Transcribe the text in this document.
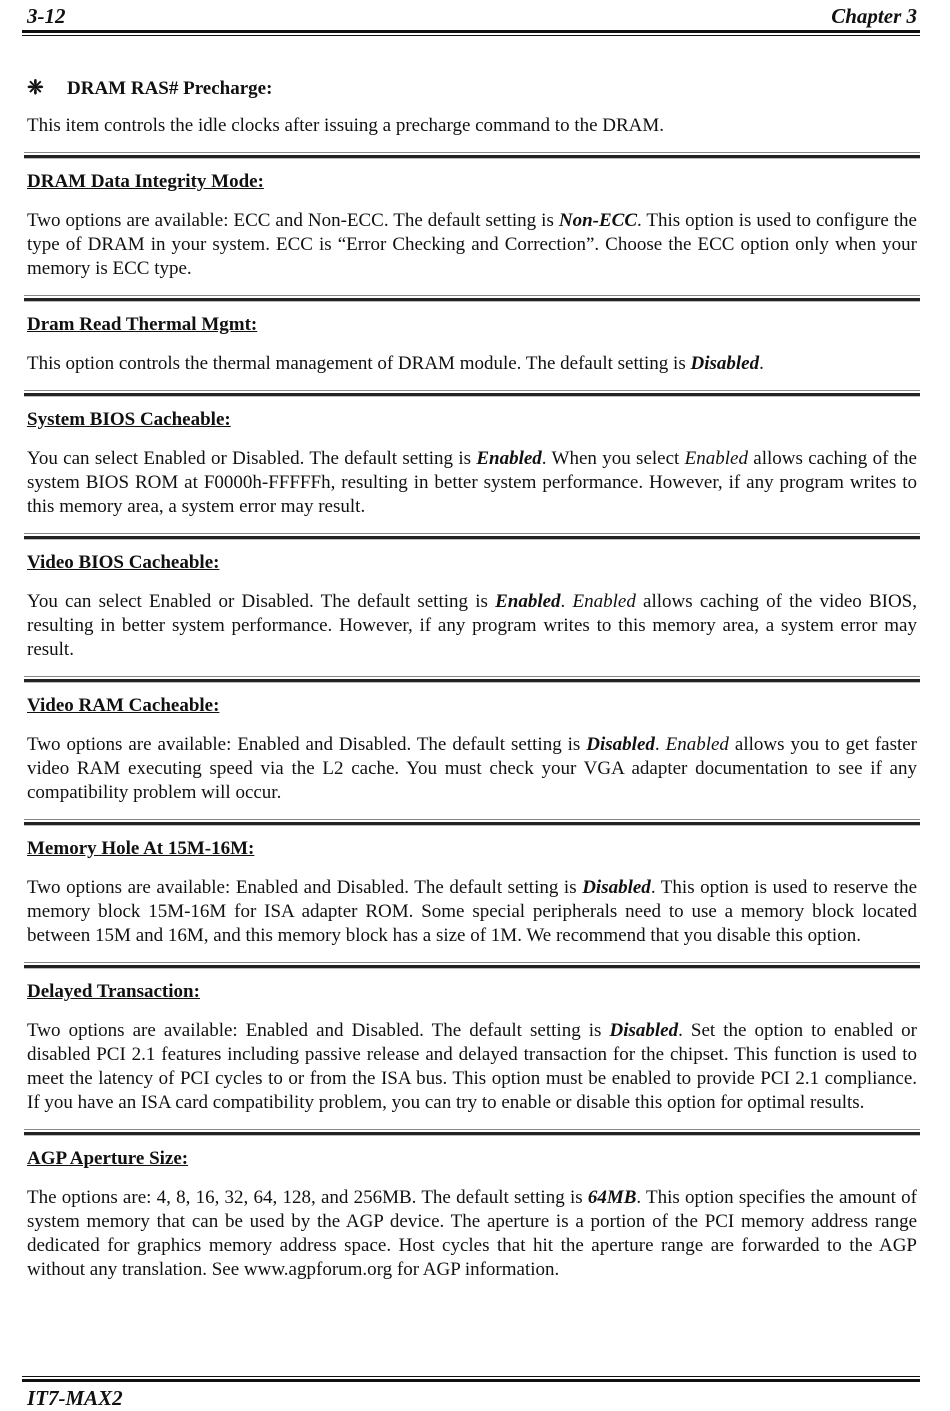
3-12	Chapter 3
❈ DRAM RAS# Precharge:

This item controls the idle clocks after issuing a precharge command to the DRAM.

DRAM Data Integrity Mode:

Two options are available: ECC and Non-ECC. The default setting is Non-ECC. This option is used to configure the type of DRAM in your system. ECC is “Error Checking and Correction”. Choose the ECC option only when your memory is ECC type.

Dram Read Thermal Mgmt:

This option controls the thermal management of DRAM module. The default setting is Disabled.

System BIOS Cacheable:

You can select Enabled or Disabled. The default setting is Enabled. When you select Enabled allows caching of the system BIOS ROM at F0000h-FFFFFh, resulting in better system performance. However, if any program writes to this memory area, a system error may result.

Video BIOS Cacheable:

You can select Enabled or Disabled. The default setting is Enabled. Enabled allows caching of the video BIOS, resulting in better system performance. However, if any program writes to this memory area, a system error may result.

Video RAM Cacheable:

Two options are available: Enabled and Disabled. The default setting is Disabled. Enabled allows you to get faster video RAM executing speed via the L2 cache. You must check your VGA adapter documentation to see if any compatibility problem will occur.

Memory Hole At 15M-16M:

Two options are available: Enabled and Disabled. The default setting is Disabled. This option is used to reserve the memory block 15M-16M for ISA adapter ROM. Some special peripherals need to use a memory block located between 15M and 16M, and this memory block has a size of 1M. We recommend that you disable this option.

Delayed Transaction:

Two options are available: Enabled and Disabled. The default setting is Disabled. Set the option to enabled or disabled PCI 2.1 features including passive release and delayed transaction for the chipset. This function is used to meet the latency of PCI cycles to or from the ISA bus. This option must be enabled to provide PCI 2.1 compliance. If you have an ISA card compatibility problem, you can try to enable or disable this option for optimal results.

AGP Aperture Size:

The options are: 4, 8, 16, 32, 64, 128, and 256MB. The default setting is 64MB. This option specifies the amount of system memory that can be used by the AGP device. The aperture is a portion of the PCI memory address range dedicated for graphics memory address space. Host cycles that hit the aperture range are forwarded to the AGP without any translation. See www.agpforum.org for AGP information.

IT7-MAX2
